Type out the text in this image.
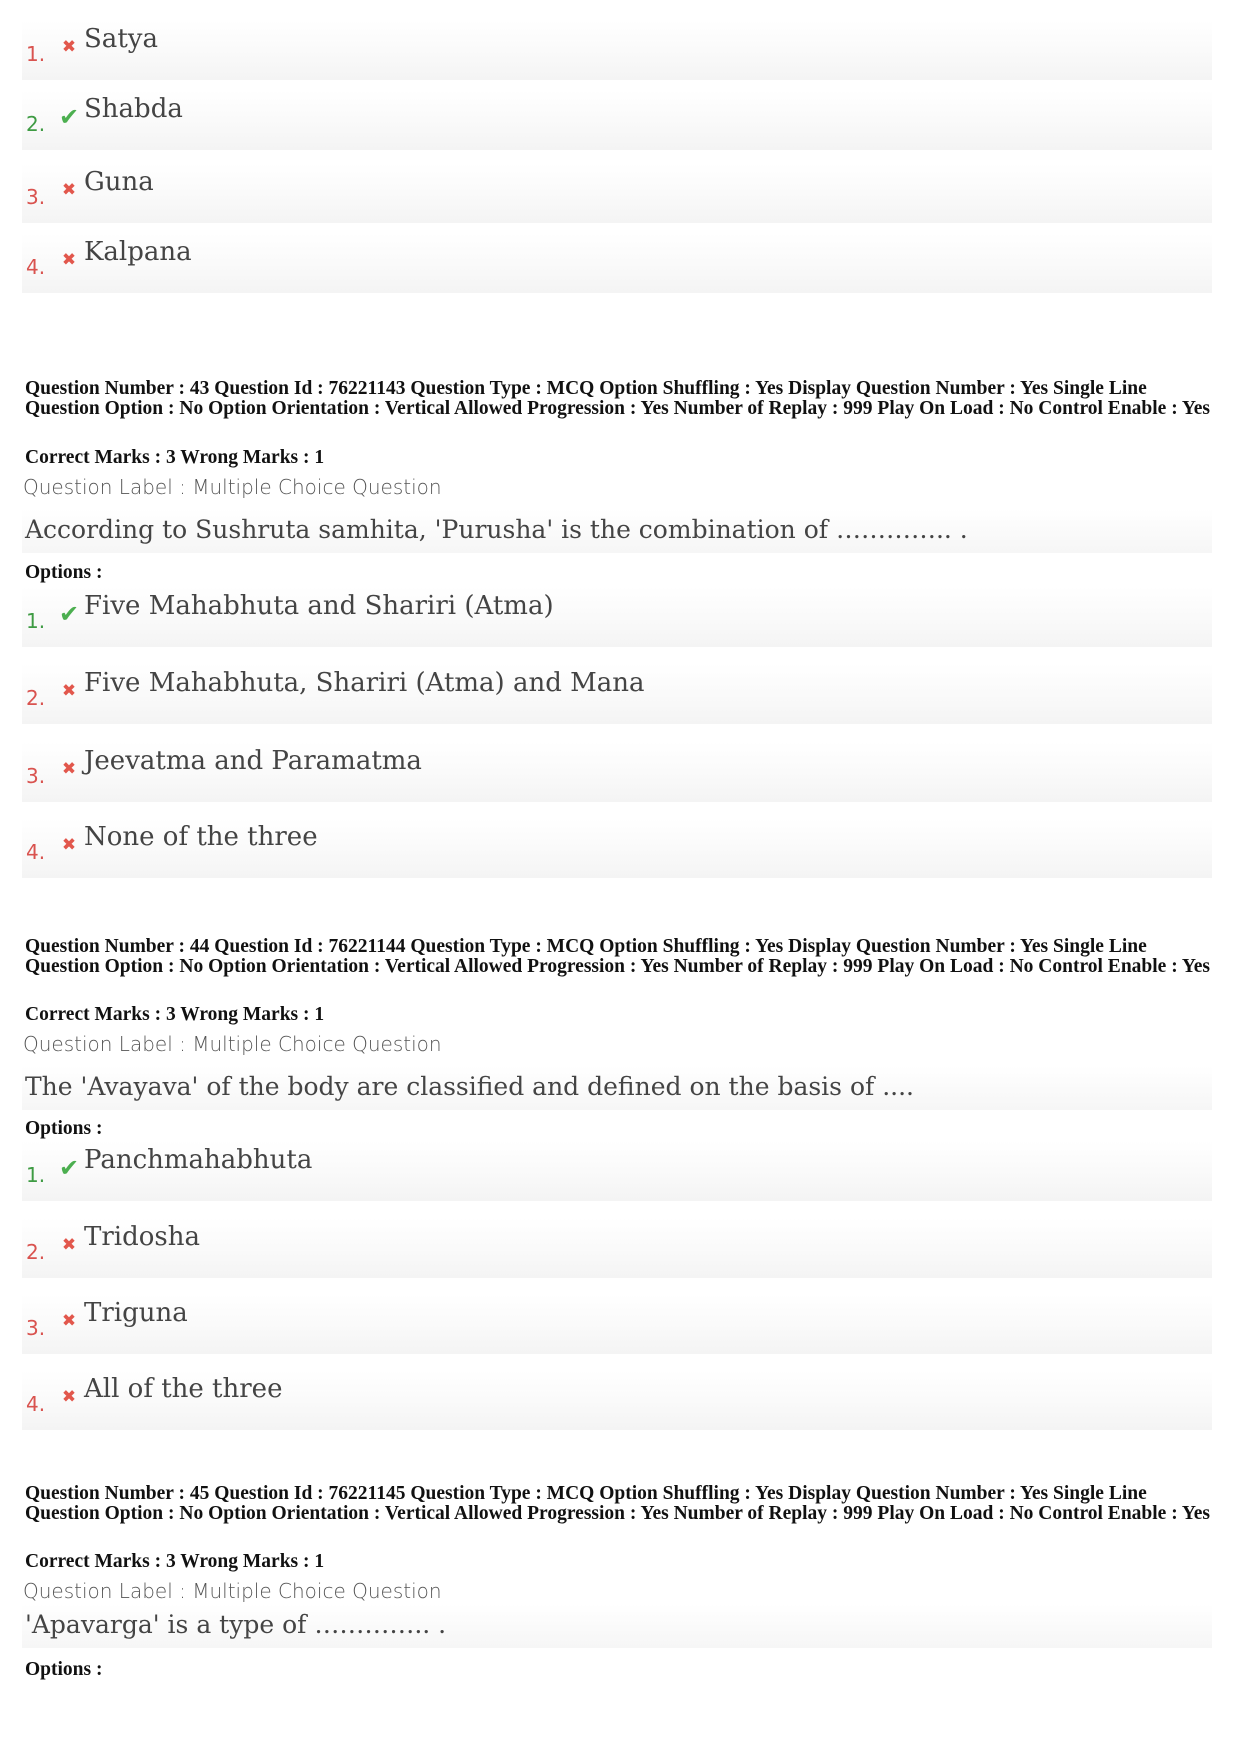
1. ✖ Satya
2. ✔ Shabda
3. ✖ Guna
4. ✖ Kalpana
Question Number : 43 Question Id : 76221143 Question Type : MCQ Option Shuffling : Yes Display Question Number : Yes Single Line Question Option : No Option Orientation : Vertical Allowed Progression : Yes Number of Replay : 999 Play On Load : No Control Enable : Yes
Correct Marks : 3 Wrong Marks : 1
Question Label : Multiple Choice Question
According to Sushruta samhita, 'Purusha' is the combination of ………….. .
Options :
1. ✔ Five Mahabhuta and Shariri (Atma)
2. ✖ Five Mahabhuta, Shariri (Atma) and Mana
3. ✖ Jeevatma and Paramatma
4. ✖ None of the three
Question Number : 44 Question Id : 76221144 Question Type : MCQ Option Shuffling : Yes Display Question Number : Yes Single Line Question Option : No Option Orientation : Vertical Allowed Progression : Yes Number of Replay : 999 Play On Load : No Control Enable : Yes
Correct Marks : 3 Wrong Marks : 1
Question Label : Multiple Choice Question
The 'Avayava' of the body are classified and defined on the basis of ....
Options :
1. ✔ Panchmahabhuta
2. ✖ Tridosha
3. ✖ Triguna
4. ✖ All of the three
Question Number : 45 Question Id : 76221145 Question Type : MCQ Option Shuffling : Yes Display Question Number : Yes Single Line Question Option : No Option Orientation : Vertical Allowed Progression : Yes Number of Replay : 999 Play On Load : No Control Enable : Yes
Correct Marks : 3 Wrong Marks : 1
Question Label : Multiple Choice Question
'Apavarga' is a type of ………….. .
Options :
